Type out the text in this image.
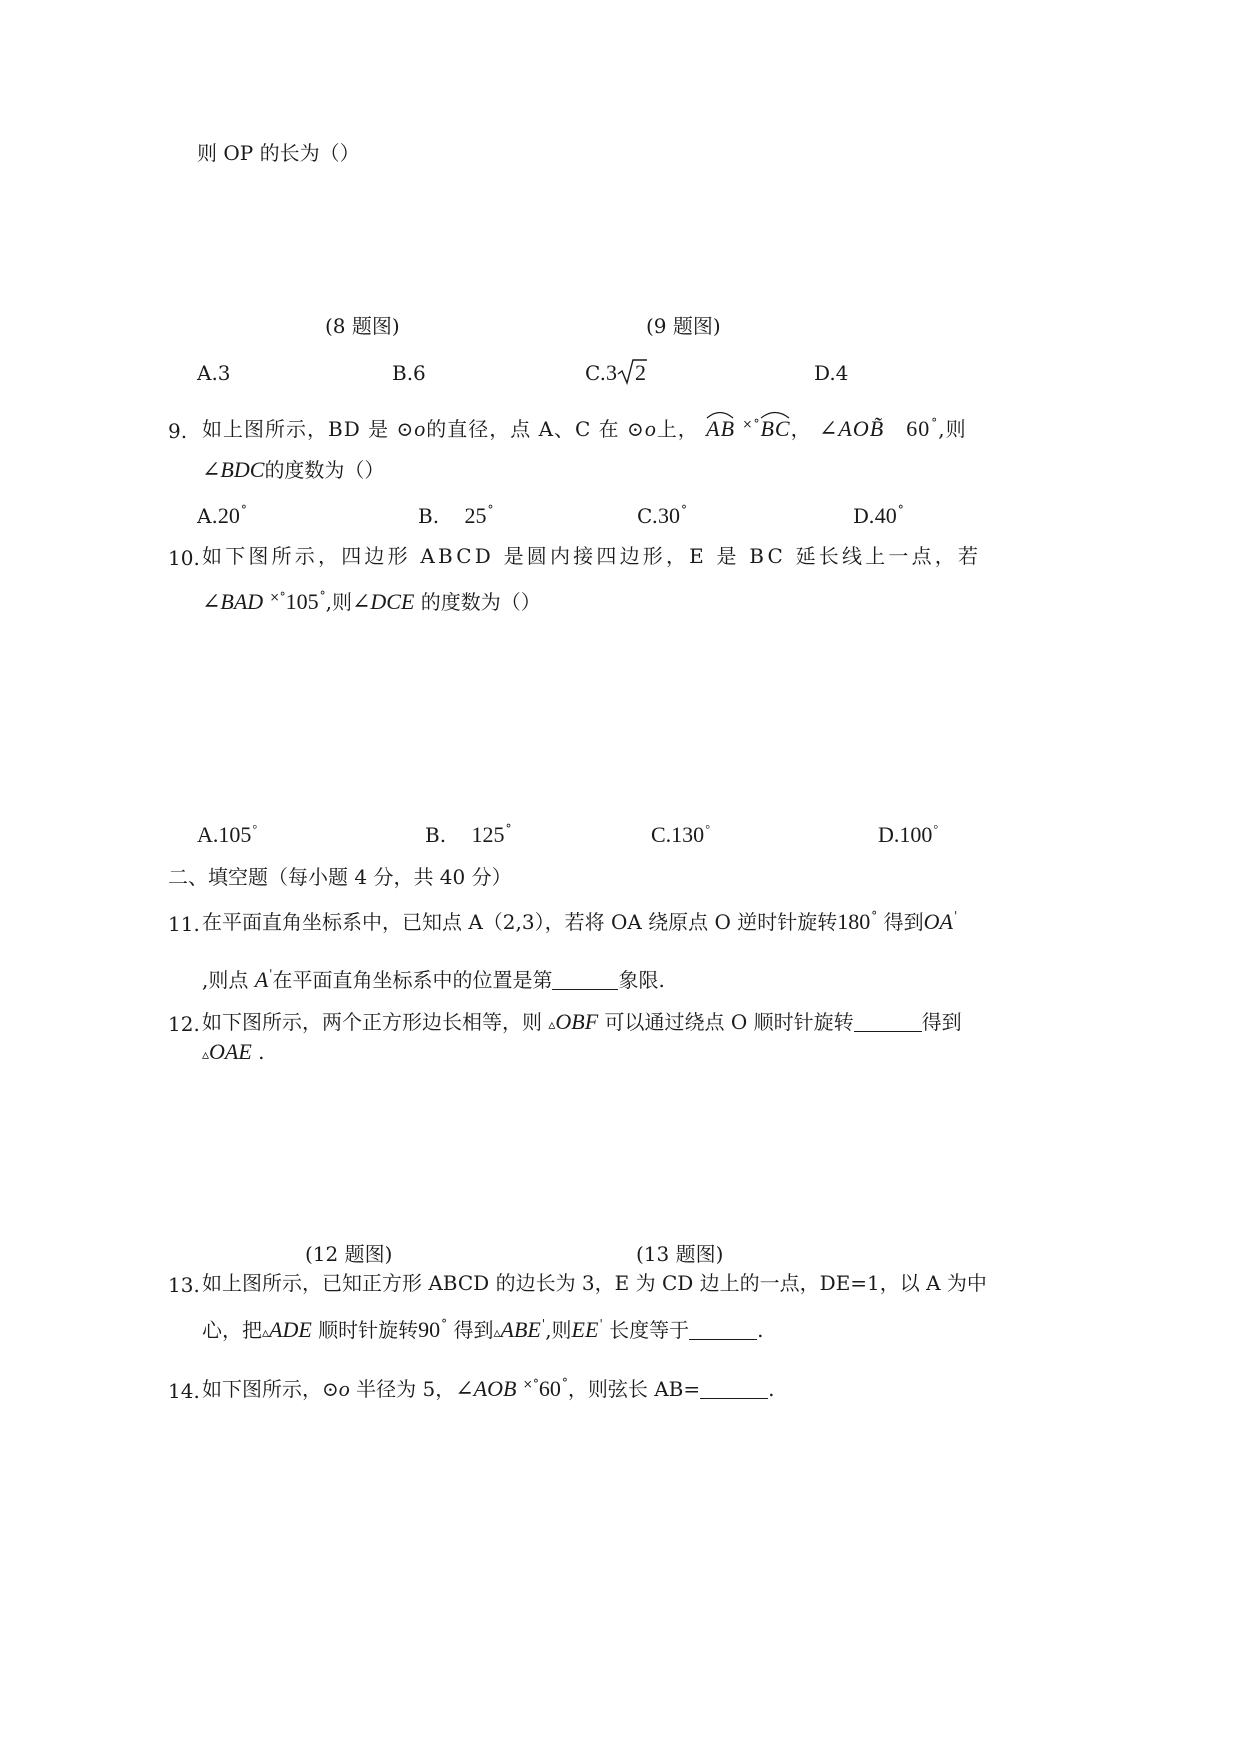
则 OP 的长为（）
(8 题图)	(9 题图)
A.3	B.6	C.3 2	D.4
9. 如上图所示，BD 是 ⊙o的直径，点 A、C 在 ⊙o上， AB ×°
BC， ∠AOB̃ 60°,则
∠BDC的度数为（）
A.20°	B. 25°	C.30°	D.40°
10. 如下图所示，四边形 ABCD 是圆内接四边形，E 是 BC 延长线上一点，若
∠BAD ×°105°,则∠DCE 的度数为（）
A.105°	B. 125°	C.130°	D.100°
二、填空题（每小题 4 分，共 40 分）
11. 在平面直角坐标系中，已知点 A（2,3），若将 OA 绕原点 O 逆时针旋转180° 得到OA'
,则点 A'在平面直角坐标系中的位置是第	象限.
12. 如下图所示，两个正方形边长相等，则 ▵OBF 可以通过绕点 O 顺时针旋转	得到
▵OAE .
(12 题图)	(13 题图)
13. 如上图所示，已知正方形 ABCD 的边长为 3，E 为 CD 边上的一点，DE=1，以 A 为中
心，把▵ADE 顺时针旋转90° 得到▵ABE',则EE' 长度等于	.
14. 如下图所示，⊙o 半径为 5，∠AOB ×°60°，则弦长 AB=	.
